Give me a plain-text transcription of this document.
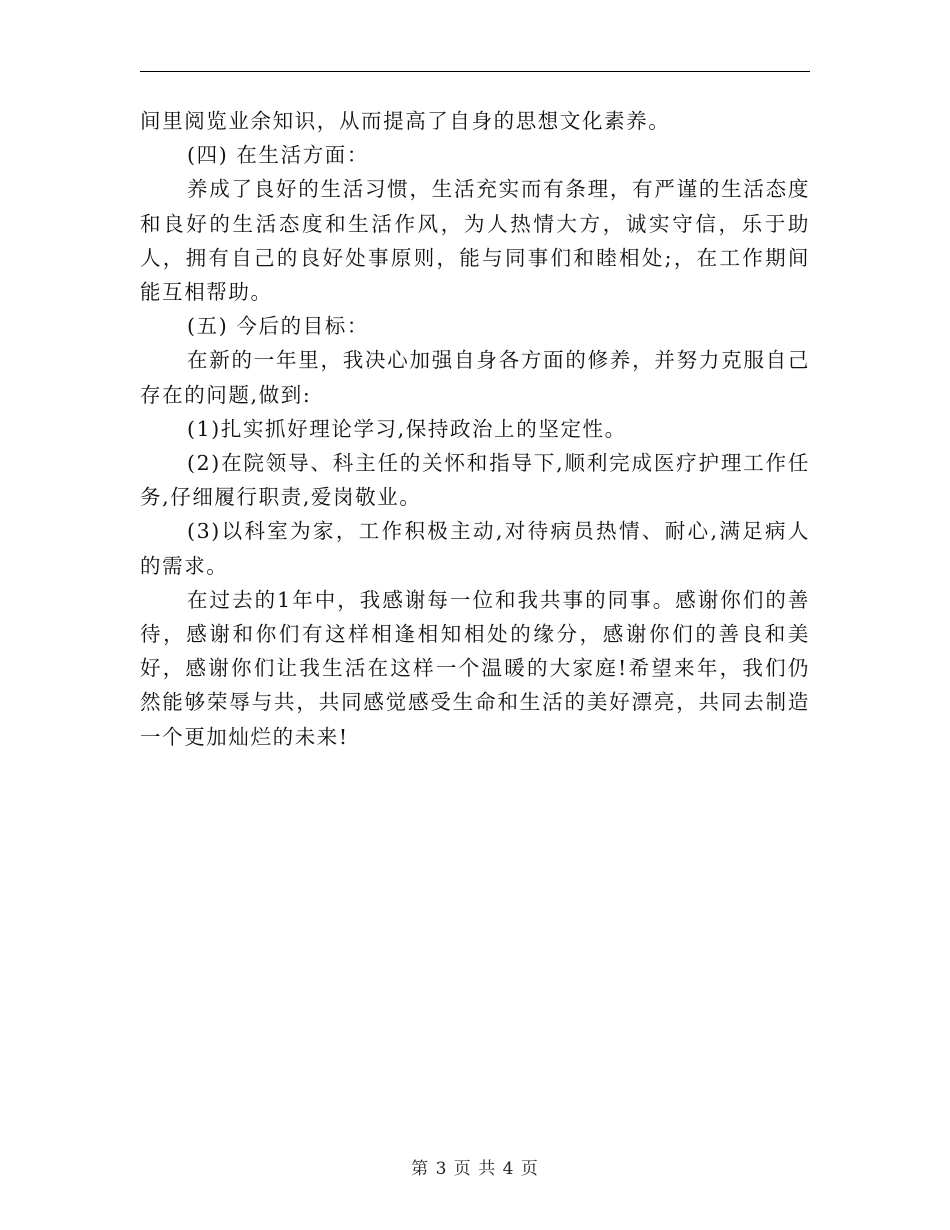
间里阅览业余知识，从而提高了自身的思想文化素养。

(四) 在生活方面：

养成了良好的生活习惯，生活充实而有条理，有严谨的生活态度和良好的生活态度和生活作风，为人热情大方，诚实守信，乐于助人，拥有自己的良好处事原则，能与同事们和睦相处;，在工作期间能互相帮助。

(五) 今后的目标：

在新的一年里，我决心加强自身各方面的修养，并努力克服自己存在的问题,做到:

(1)扎实抓好理论学习,保持政治上的坚定性。

(2)在院领导、科主任的关怀和指导下,顺利完成医疗护理工作任务,仔细履行职责,爱岗敬业。

(3)以科室为家，工作积极主动,对待病员热情、耐心,满足病人的需求。

在过去的1年中，我感谢每一位和我共事的同事。感谢你们的善待，感谢和你们有这样相逢相知相处的缘分，感谢你们的善良和美好，感谢你们让我生活在这样一个温暖的大家庭!希望来年，我们仍然能够荣辱与共，共同感觉感受生命和生活的美好漂亮，共同去制造一个更加灿烂的未来!

第 3 页 共 4 页
